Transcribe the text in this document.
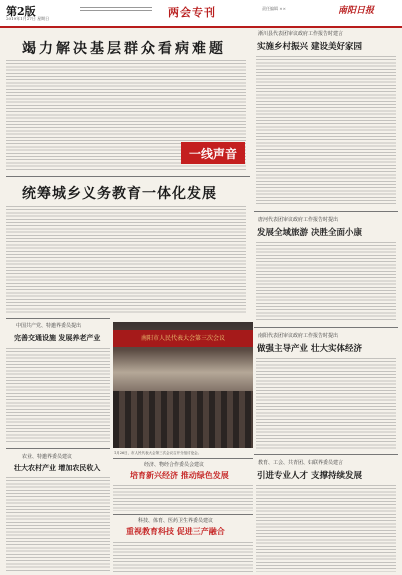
第2版
2019年1月27日 星期日	两会专刊	责任编辑 ××	南阳日报
竭力解决基层群众看病难题
淅川县代表团审议政府工作报告时建言
实施乡村振兴 建设美好家园
一线声音
统筹城乡义务教育一体化发展
唐河代表团审议政府工作报告时提出
发展全域旅游 决胜全面小康
中国共产党、特邀界委员提出
完善交通设施 发展养老产业	南阳市人民代表大会第三次会议
1月26日，市人民代表大会第三次会议召开分组讨论会。
南阳代表团审议政府工作报告时提出
做强主导产业 壮大实体经济
农业、特邀界委员建议
壮大农村产业 增加农民收入	经济、物经合作委员会建议
培育新兴经济 推动绿色发展
教育、工会、共青团、妇联界委员建言
引进专业人才 支撑持续发展
科技、体育、医药卫生界委员建议
重视教育科技 促进三产融合
